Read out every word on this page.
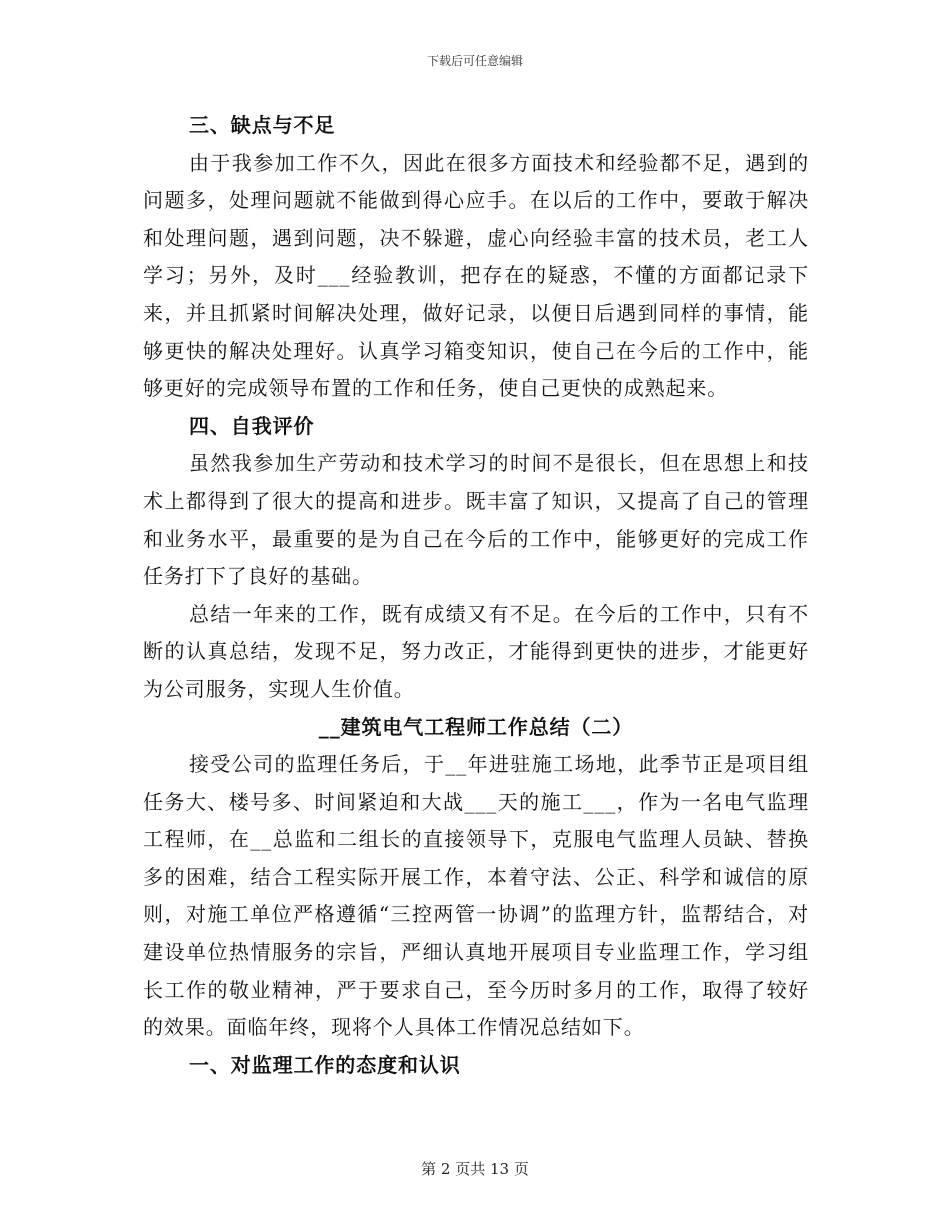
下载后可任意编辑

三、缺点与不足

由于我参加工作不久，因此在很多方面技术和经验都不足，遇到的问题多，处理问题就不能做到得心应手。在以后的工作中，要敢于解决和处理问题，遇到问题，决不躲避，虚心向经验丰富的技术员，老工人学习；另外，及时___经验教训，把存在的疑惑，不懂的方面都记录下来，并且抓紧时间解决处理，做好记录，以便日后遇到同样的事情，能够更快的解决处理好。认真学习箱变知识，使自己在今后的工作中，能够更好的完成领导布置的工作和任务，使自己更快的成熟起来。

四、自我评价

虽然我参加生产劳动和技术学习的时间不是很长，但在思想上和技术上都得到了很大的提高和进步。既丰富了知识，又提高了自己的管理和业务水平，最重要的是为自己在今后的工作中，能够更好的完成工作任务打下了良好的基础。

总结一年来的工作，既有成绩又有不足。在今后的工作中，只有不断的认真总结，发现不足，努力改正，才能得到更快的进步，才能更好为公司服务，实现人生价值。

__建筑电气工程师工作总结（二）

接受公司的监理任务后，于__年进驻施工场地，此季节正是项目组任务大、楼号多、时间紧迫和大战___天的施工___，作为一名电气监理工程师，在__总监和二组长的直接领导下，克服电气监理人员缺、替换多的困难，结合工程实际开展工作，本着守法、公正、科学和诚信的原则，对施工单位严格遵循“三控两管一协调”的监理方针，监帮结合，对建设单位热情服务的宗旨，严细认真地开展项目专业监理工作，学习组长工作的敬业精神，严于要求自己，至今历时多月的工作，取得了较好的效果。面临年终，现将个人具体工作情况总结如下。

一、对监理工作的态度和认识

第 2 页共 13 页
